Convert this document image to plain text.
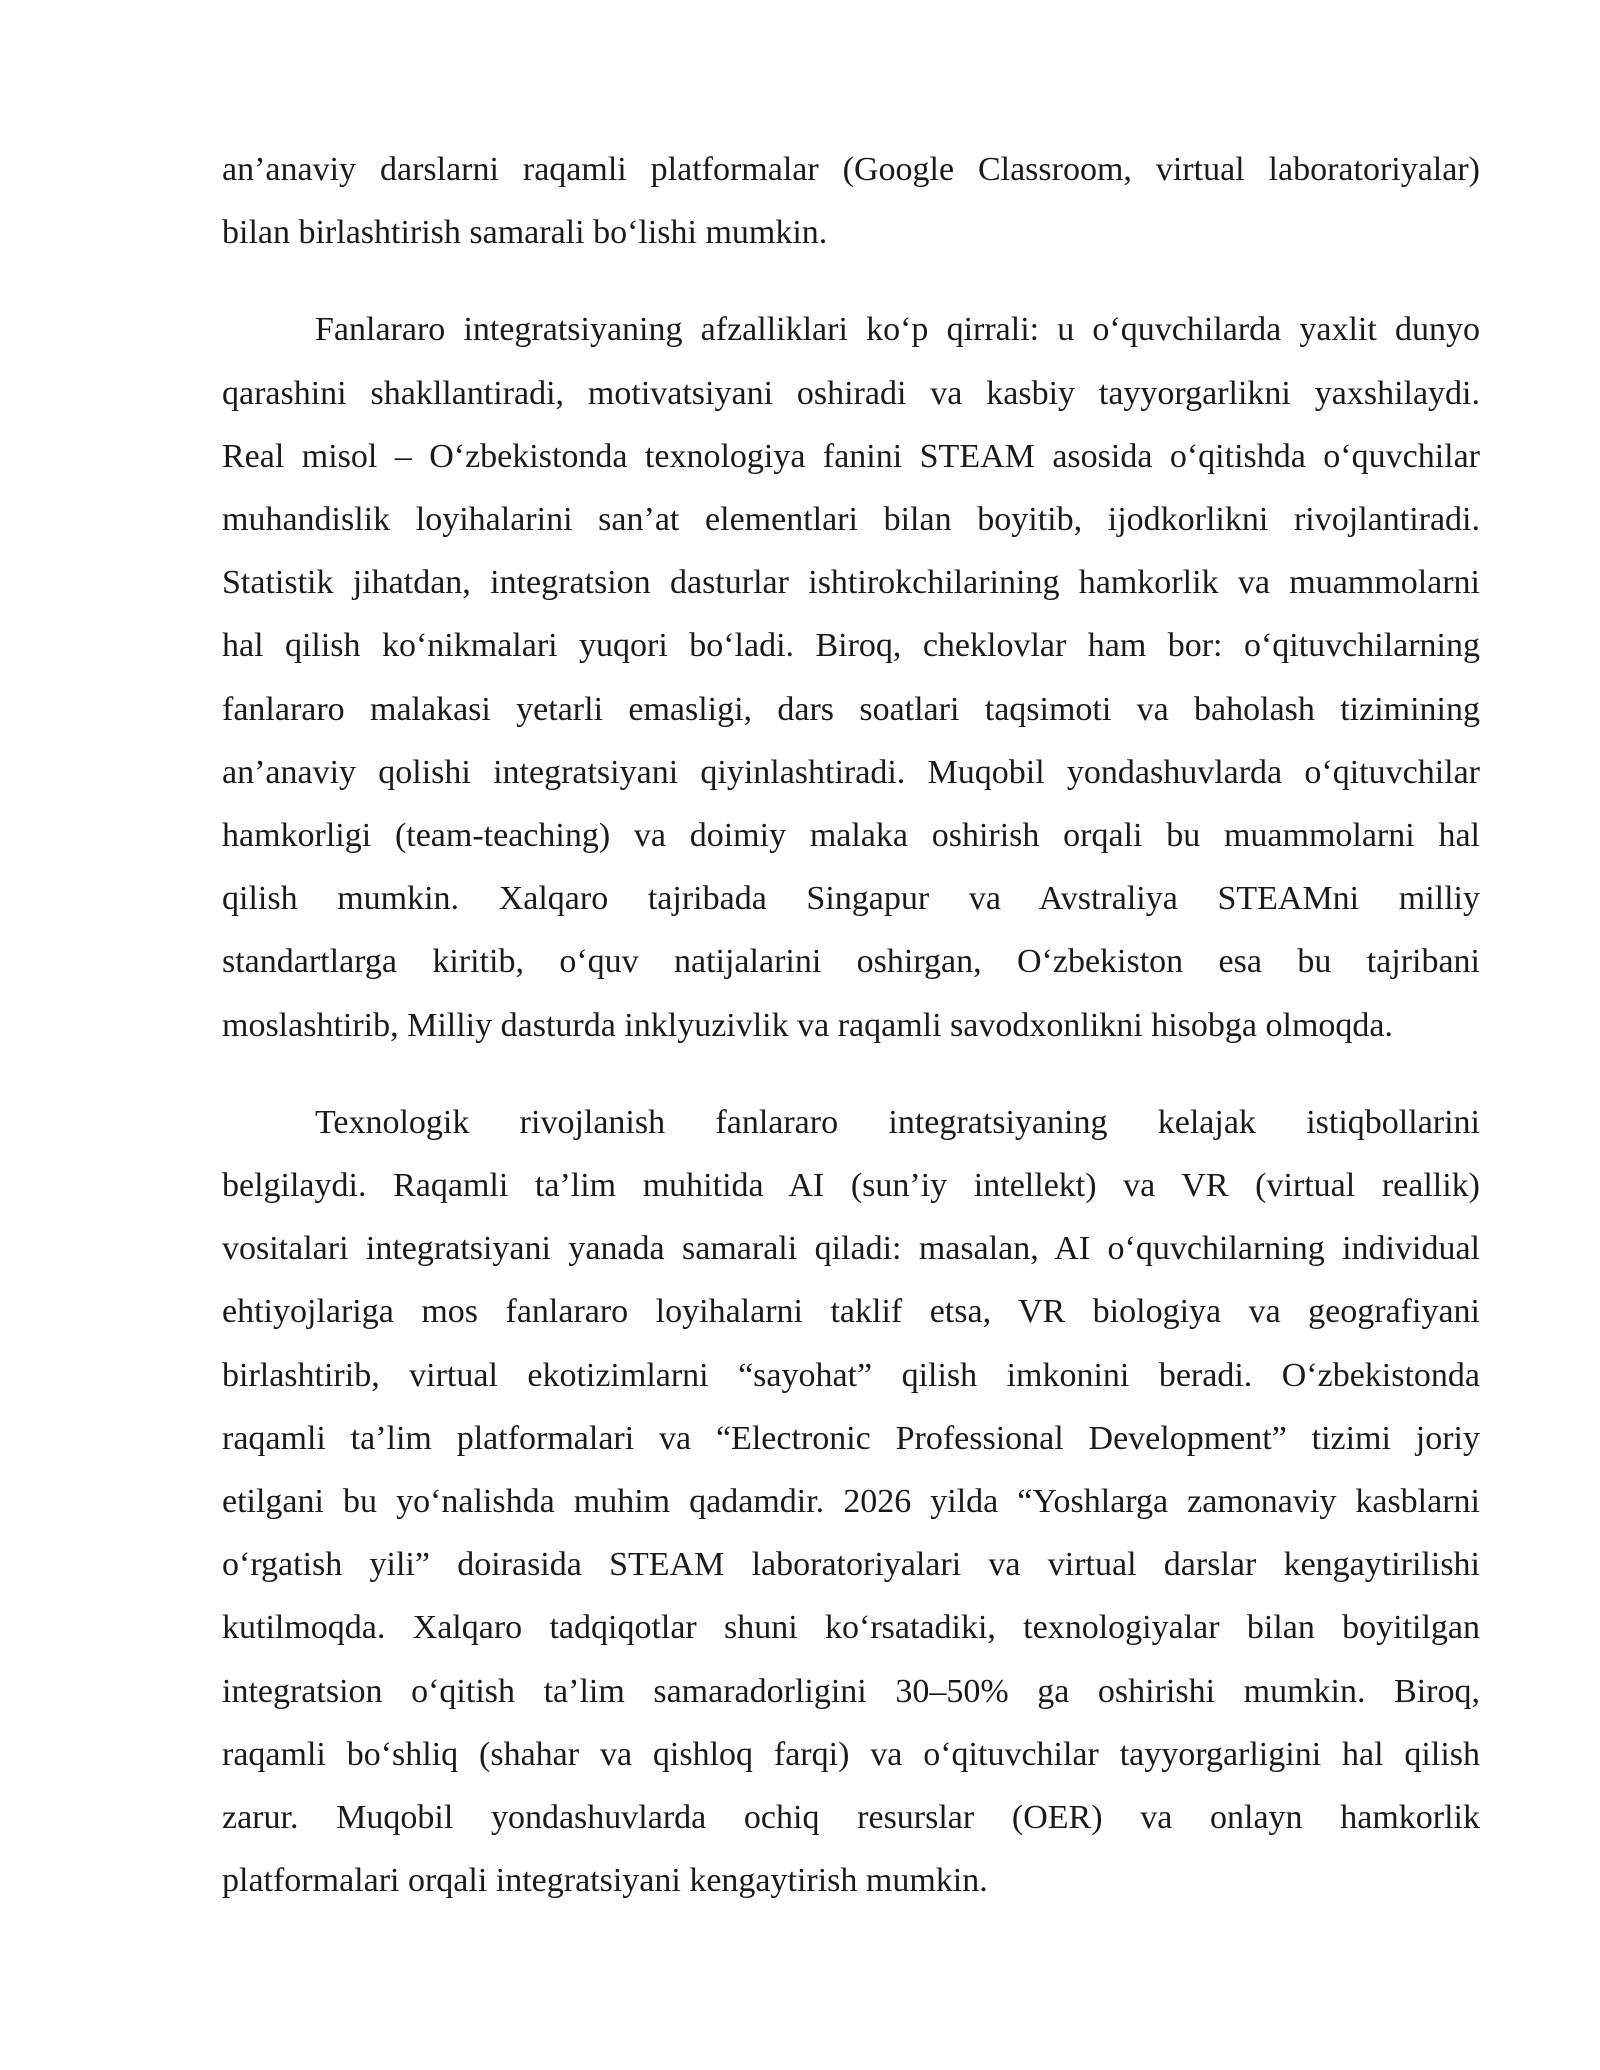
an’anaviy darslarni raqamli platformalar (Google Classroom, virtual laboratoriyalar)
bilan birlashtirish samarali bo‘lishi mumkin.
Fanlararo integratsiyaning afzalliklari ko‘p qirrali: u o‘quvchilarda yaxlit dunyo
qarashini shakllantiradi, motivatsiyani oshiradi va kasbiy tayyorgarlikni yaxshilaydi.
Real misol – O‘zbekistonda texnologiya fanini STEAM asosida o‘qitishda o‘quvchilar
muhandislik loyihalarini san’at elementlari bilan boyitib, ijodkorlikni rivojlantiradi.
Statistik jihatdan, integratsion dasturlar ishtirokchilarining hamkorlik va muammolarni
hal qilish ko‘nikmalari yuqori bo‘ladi. Biroq, cheklovlar ham bor: o‘qituvchilarning
fanlararo malakasi yetarli emasligi, dars soatlari taqsimoti va baholash tizimining
an’anaviy qolishi integratsiyani qiyinlashtiradi. Muqobil yondashuvlarda o‘qituvchilar
hamkorligi (team-teaching) va doimiy malaka oshirish orqali bu muammolarni hal
qilish mumkin. Xalqaro tajribada Singapur va Avstraliya STEAMni milliy
standartlarga kiritib, o‘quv natijalarini oshirgan, O‘zbekiston esa bu tajribani
moslashtirib, Milliy dasturda inklyuzivlik va raqamli savodxonlikni hisobga olmoqda.
Texnologik rivojlanish fanlararo integratsiyaning kelajak istiqbollarini
belgilaydi. Raqamli ta’lim muhitida AI (sun’iy intellekt) va VR (virtual reallik)
vositalari integratsiyani yanada samarali qiladi: masalan, AI o‘quvchilarning individual
ehtiyojlariga mos fanlararo loyihalarni taklif etsa, VR biologiya va geografiyani
birlashtirib, virtual ekotizimlarni “sayohat” qilish imkonini beradi. O‘zbekistonda
raqamli ta’lim platformalari va “Electronic Professional Development” tizimi joriy
etilgani bu yo‘nalishda muhim qadamdir. 2026 yilda “Yoshlarga zamonaviy kasblarni
o‘rgatish yili” doirasida STEAM laboratoriyalari va virtual darslar kengaytirilishi
kutilmoqda. Xalqaro tadqiqotlar shuni ko‘rsatadiki, texnologiyalar bilan boyitilgan
integratsion o‘qitish ta’lim samaradorligini 30–50% ga oshirishi mumkin. Biroq,
raqamli bo‘shliq (shahar va qishloq farqi) va o‘qituvchilar tayyorgarligini hal qilish
zarur. Muqobil yondashuvlarda ochiq resurslar (OER) va onlayn hamkorlik
platformalari orqali integratsiyani kengaytirish mumkin.
